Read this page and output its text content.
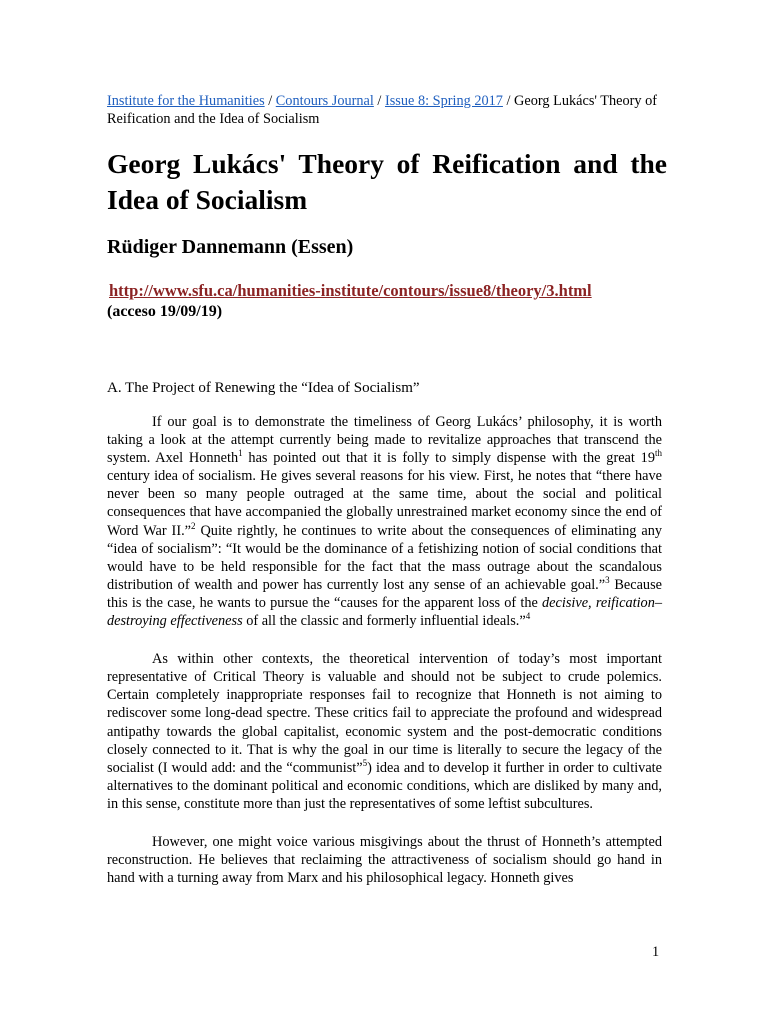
Institute for the Humanities / Contours Journal / Issue 8: Spring 2017 / Georg Lukács' Theory of Reification and the Idea of Socialism
Georg Lukács' Theory of Reification and the Idea of Socialism
Rüdiger Dannemann (Essen)
http://www.sfu.ca/humanities-institute/contours/issue8/theory/3.html
(acceso 19/09/19)
A. The Project of Renewing the “Idea of Socialism”

If our goal is to demonstrate the timeliness of Georg Lukács’ philosophy, it is worth taking a look at the attempt currently being made to revitalize approaches that transcend the system. Axel Honneth$^1$ has pointed out that it is folly to simply dispense with the great 19th century idea of socialism. He gives several reasons for his view. First, he notes that “there have never been so many people outraged at the same time, about the social and political consequences that have accompanied the globally unrestrained market economy since the end of Word War II.”$^2$ Quite rightly, he continues to write about the consequences of eliminating any “idea of socialism”: “It would be the dominance of a fetishizing notion of social conditions that would have to be held responsible for the fact that the mass outrage about the scandalous distribution of wealth and power has currently lost any sense of an achievable goal.”$^3$ Because this is the case, he wants to pursue the “causes for the apparent loss of the decisive, reification–destroying effectiveness of all the classic and formerly influential ideals.”$^4$

As within other contexts, the theoretical intervention of today’s most important representative of Critical Theory is valuable and should not be subject to crude polemics. Certain completely inappropriate responses fail to recognize that Honneth is not aiming to rediscover some long-dead spectre. These critics fail to appreciate the profound and widespread antipathy towards the global capitalist, economic system and the post-democratic conditions closely connected to it. That is why the goal in our time is literally to secure the legacy of the socialist (I would add: and the “communist”$^5$) idea and to develop it further in order to cultivate alternatives to the dominant political and economic conditions, which are disliked by many and, in this sense, constitute more than just the representatives of some leftist subcultures.

However, one might voice various misgivings about the thrust of Honneth’s attempted reconstruction. He believes that reclaiming the attractiveness of socialism should go hand in hand with a turning away from Marx and his philosophical legacy. Honneth gives

1
